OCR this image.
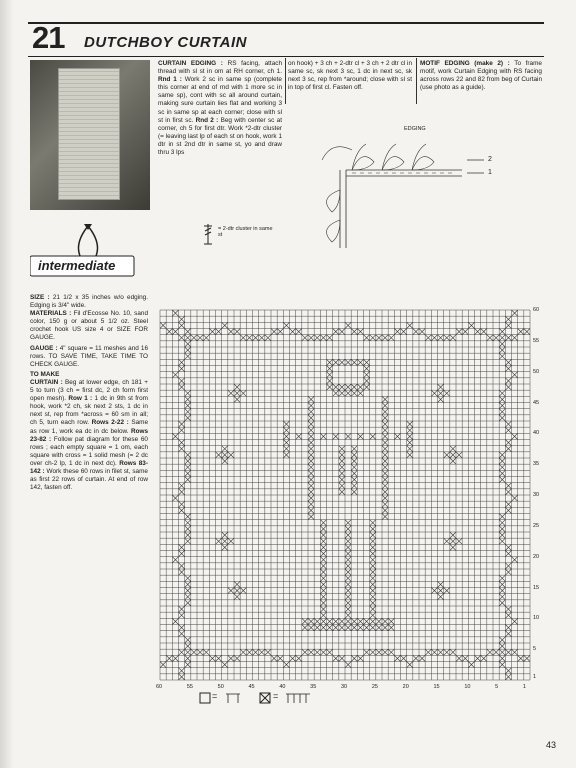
21 DUTCHBOY CURTAIN
intermediate

SIZE : 21 1/2 x 35 inches w/o edging. Edging is 3/4" wide.

MATERIALS : Fil d'Ecosse No. 10, sand color, 150 g or about 5 1/2 oz. Steel crochet hook US size 4 or SIZE FOR GAUGE.

GAUGE : 4" square = 11 meshes and 16 rows. TO SAVE TIME, TAKE TIME TO CHECK GAUGE.

TO MAKE

CURTAIN : Beg at lower edge, ch 181 + 5 to turn (3 ch = first dc, 2 ch form first open mesh). Row 1 : 1 dc in 9th st from hook, work *2 ch, sk next 2 sts, 1 dc in next st, rep from *across = 60 sm in all; ch 5, turn each row. Rows 2-22 : Same as row 1, work ea dc in dc below. Rows 23-82 : Follow pat diagram for these 60 rows ; each empty square = 1 om, each square with cross = 1 solid mesh (= 2 dc over ch-2 lp, 1 dc in next dc). Rows 83-142 : Work these 60 rows in filet st, same as first 22 rows of curtain. At end of row 142, fasten off.

CURTAIN EDGING : RS facing, attach thread with sl st in om at RH corner, ch 1. Rnd 1 : Work 2 sc in same sp (complete this corner at end of rnd with 1 more sc in same sp), cont with sc all around curtain, making sure curtain lies flat and working 3 sc in same sp at each corner; close with sl st in first sc. Rnd 2 : Beg with center sc at corner, ch 5 for first dtr. Work *2-dtr cluster (= leaving last lp of each st on hook, work 1 dtr in st 2nd dtr in same st, yo and draw thru 3 lps

on hook) + 3 ch + 2-dtr cl + 3 ch + 2 dtr cl in same sc, sk next 3 sc, 1 dc in next sc, sk next 3 sc, rep from *around; close with sl st in top of first cl. Fasten off.

MOTIF EDGING (make 2) : To frame motif, work Curtain Edging with RS facing across rows 22 and 82 from beg of Curtain (use photo as a guide).

= 2-dtr cluster in same st
EDGING
2
1
60	55	50	45	40	35	30	25	20	15	10	5	1
60
55
50
45
40
35
30
25
20
15
10
5
1
=	=
43
